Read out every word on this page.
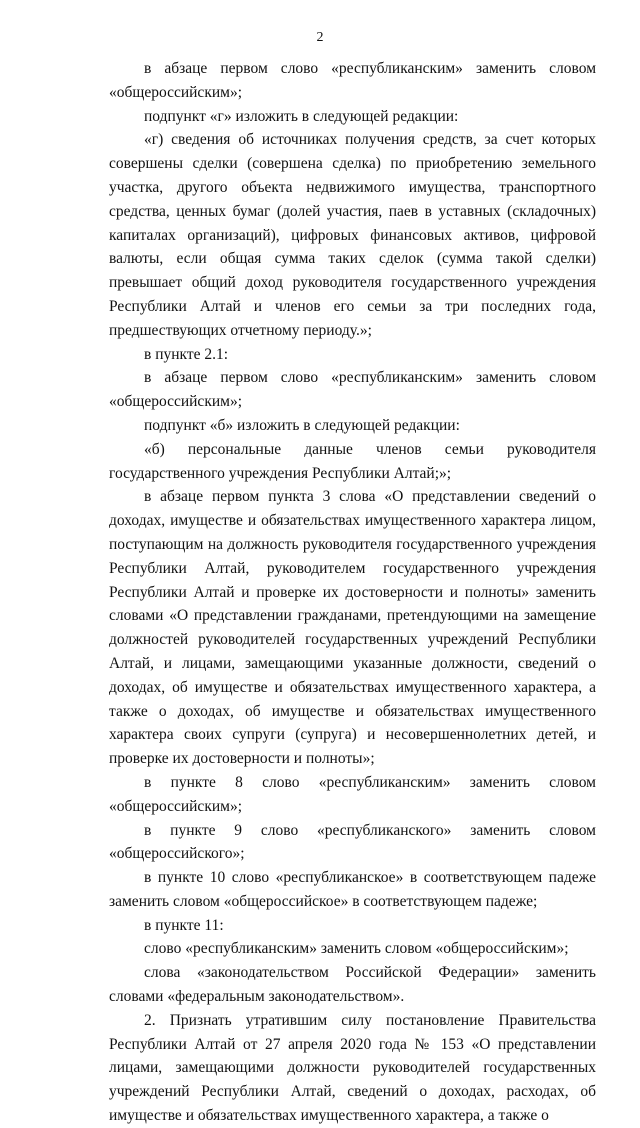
2

в абзаце первом слово «республиканским» заменить словом «общероссийским»;

подпункт «г» изложить в следующей редакции:

«г) сведения об источниках получения средств, за счет которых совершены сделки (совершена сделка) по приобретению земельного участка, другого объекта недвижимого имущества, транспортного средства, ценных бумаг (долей участия, паев в уставных (складочных) капиталах организаций), цифровых финансовых активов, цифровой валюты, если общая сумма таких сделок (сумма такой сделки) превышает общий доход руководителя государственного учреждения Республики Алтай и членов его семьи за три последних года, предшествующих отчетному периоду.»;

в пункте 2.1:

в абзаце первом слово «республиканским» заменить словом «общероссийским»;

подпункт «б» изложить в следующей редакции:

«б) персональные данные членов семьи руководителя государственного учреждения Республики Алтай;»;

в абзаце первом пункта 3 слова «О представлении сведений о доходах, имуществе и обязательствах имущественного характера лицом, поступающим на должность руководителя государственного учреждения Республики Алтай, руководителем государственного учреждения Республики Алтай и проверке их достоверности и полноты» заменить словами «О представлении гражданами, претендующими на замещение должностей руководителей государственных учреждений Республики Алтай, и лицами, замещающими указанные должности, сведений о доходах, об имуществе и обязательствах имущественного характера, а также о доходах, об имуществе и обязательствах имущественного характера своих супруги (супруга) и несовершеннолетних детей, и проверке их достоверности и полноты»;

в пункте 8 слово «республиканским» заменить словом «общероссийским»;

в пункте 9 слово «республиканского» заменить словом «общероссийского»;

в пункте 10 слово «республиканское» в соответствующем падеже заменить словом «общероссийское» в соответствующем падеже;

в пункте 11:

слово «республиканским» заменить словом «общероссийским»;

слова «законодательством Российской Федерации» заменить словами «федеральным законодательством».

2. Признать утратившим силу постановление Правительства Республики Алтай от 27 апреля 2020 года № 153 «О представлении лицами, замещающими должности руководителей государственных учреждений Республики Алтай, сведений о доходах, расходах, об имуществе и обязательствах имущественного характера, а также о
